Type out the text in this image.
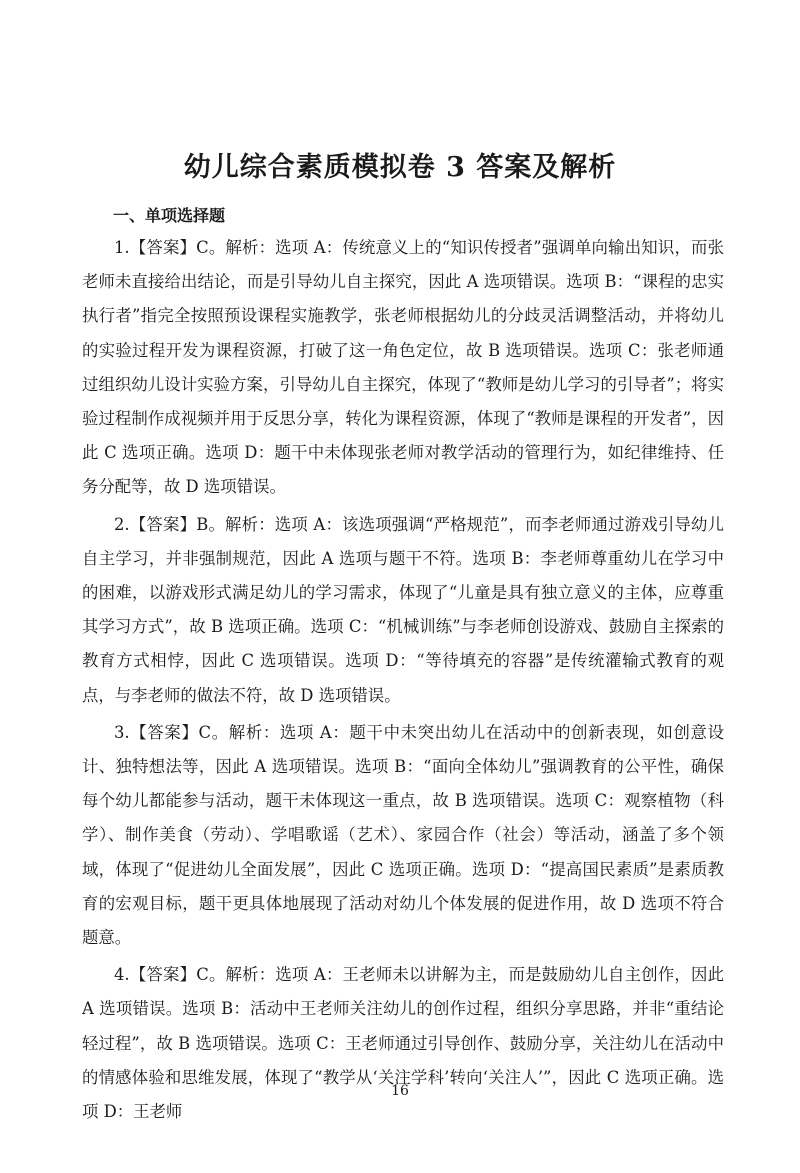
幼儿综合素质模拟卷 3 答案及解析
一、单项选择题

1.【答案】C。解析：选项 A：传统意义上的“知识传授者”强调单向输出知识，而张老师未直接给出结论，而是引导幼儿自主探究，因此 A 选项错误。选项 B：“课程的忠实执行者”指完全按照预设课程实施教学，张老师根据幼儿的分歧灵活调整活动，并将幼儿的实验过程开发为课程资源，打破了这一角色定位，故 B 选项错误。选项 C：张老师通过组织幼儿设计实验方案，引导幼儿自主探究，体现了“教师是幼儿学习的引导者”；将实验过程制作成视频并用于反思分享，转化为课程资源，体现了“教师是课程的开发者”，因此 C 选项正确。选项 D：题干中未体现张老师对教学活动的管理行为，如纪律维持、任务分配等，故 D 选项错误。

2.【答案】B。解析：选项 A：该选项强调“严格规范”，而李老师通过游戏引导幼儿自主学习，并非强制规范，因此 A 选项与题干不符。选项 B：李老师尊重幼儿在学习中的困难，以游戏形式满足幼儿的学习需求，体现了“儿童是具有独立意义的主体，应尊重其学习方式”，故 B 选项正确。选项 C：“机械训练”与李老师创设游戏、鼓励自主探索的教育方式相悖，因此 C 选项错误。选项 D：“等待填充的容器”是传统灌输式教育的观点，与李老师的做法不符，故 D 选项错误。

3.【答案】C。解析：选项 A：题干中未突出幼儿在活动中的创新表现，如创意设计、独特想法等，因此 A 选项错误。选项 B：“面向全体幼儿”强调教育的公平性，确保每个幼儿都能参与活动，题干未体现这一重点，故 B 选项错误。选项 C：观察植物（科学）、制作美食（劳动）、学唱歌谣（艺术）、家园合作（社会）等活动，涵盖了多个领域，体现了“促进幼儿全面发展”，因此 C 选项正确。选项 D：“提高国民素质”是素质教育的宏观目标，题干更具体地展现了活动对幼儿个体发展的促进作用，故 D 选项不符合题意。

4.【答案】C。解析：选项 A：王老师未以讲解为主，而是鼓励幼儿自主创作，因此 A 选项错误。选项 B：活动中王老师关注幼儿的创作过程，组织分享思路，并非“重结论轻过程”，故 B 选项错误。选项 C：王老师通过引导创作、鼓励分享，关注幼儿在活动中的情感体验和思维发展，体现了“教学从‘关注学科’转向‘关注人’”，因此 C 选项正确。选项 D：王老师

16
